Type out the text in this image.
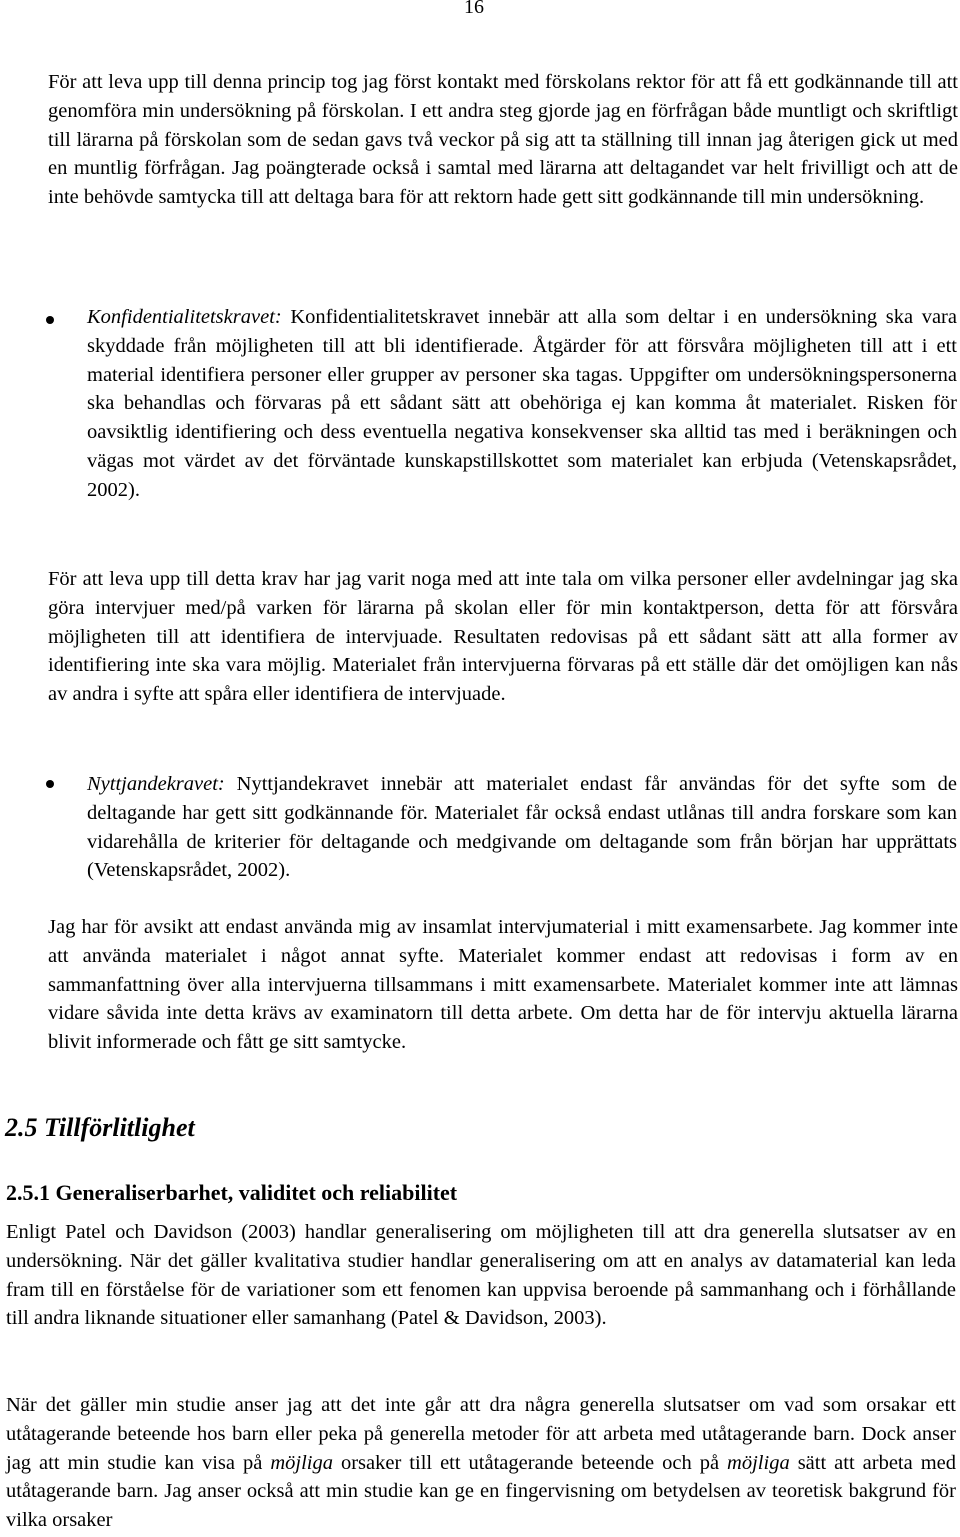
16

För att leva upp till denna princip tog jag först kontakt med förskolans rektor för att få ett godkännande till att genomföra min undersökning på förskolan. I ett andra steg gjorde jag en förfrågan både muntligt och skriftligt till lärarna på förskolan som de sedan gavs två veckor på sig att ta ställning till innan jag återigen gick ut med en muntlig förfrågan. Jag poängterade också i samtal med lärarna att deltagandet var helt frivilligt och att de inte behövde samtycka till att deltaga bara för att rektorn hade gett sitt godkännande till min undersökning.

Konfidentialitetskravet: Konfidentialitetskravet innebär att alla som deltar i en undersökning ska vara skyddade från möjligheten till att bli identifierade. Åtgärder för att försvåra möjligheten till att i ett material identifiera personer eller grupper av personer ska tagas. Uppgifter om undersökningspersonerna ska behandlas och förvaras på ett sådant sätt att obehöriga ej kan komma åt materialet. Risken för oavsiktlig identifiering och dess eventuella negativa konsekvenser ska alltid tas med i beräkningen och vägas mot värdet av det förväntade kunskapstillskottet som materialet kan erbjuda (Vetenskapsrådet, 2002).

För att leva upp till detta krav har jag varit noga med att inte tala om vilka personer eller avdelningar jag ska göra intervjuer med/på varken för lärarna på skolan eller för min kontaktperson, detta för att försvåra möjligheten till att identifiera de intervjuade. Resultaten redovisas på ett sådant sätt att alla former av identifiering inte ska vara möjlig. Materialet från intervjuerna förvaras på ett ställe där det omöjligen kan nås av andra i syfte att spåra eller identifiera de intervjuade.

Nyttjandekravet: Nyttjandekravet innebär att materialet endast får användas för det syfte som de deltagande har gett sitt godkännande för. Materialet får också endast utlånas till andra forskare som kan vidarehålla de kriterier för deltagande och medgivande om deltagande som från början har upprättats (Vetenskapsrådet, 2002).

Jag har för avsikt att endast använda mig av insamlat intervjumaterial i mitt examensarbete. Jag kommer inte att använda materialet i något annat syfte. Materialet kommer endast att redovisas i form av en sammanfattning över alla intervjuerna tillsammans i mitt examensarbete. Materialet kommer inte att lämnas vidare såvida inte detta krävs av examinatorn till detta arbete. Om detta har de för intervju aktuella lärarna blivit informerade och fått ge sitt samtycke.

2.5 Tillförlitlighet
2.5.1 Generaliserbarhet, validitet och reliabilitet

Enligt Patel och Davidson (2003) handlar generalisering om möjligheten till att dra generella slutsatser av en undersökning. När det gäller kvalitativa studier handlar generalisering om att en analys av datamaterial kan leda fram till en förståelse för de variationer som ett fenomen kan uppvisa beroende på sammanhang och i förhållande till andra liknande situationer eller samanhang (Patel & Davidson, 2003).

När det gäller min studie anser jag att det inte går att dra några generella slutsatser om vad som orsakar ett utåtagerande beteende hos barn eller peka på generella metoder för att arbeta med utåtagerande barn. Dock anser jag att min studie kan visa på möjliga orsaker till ett utåtagerande beteende och på möjliga sätt att arbeta med utåtagerande barn. Jag anser också att min studie kan ge en fingervisning om betydelsen av teoretisk bakgrund för vilka orsaker
